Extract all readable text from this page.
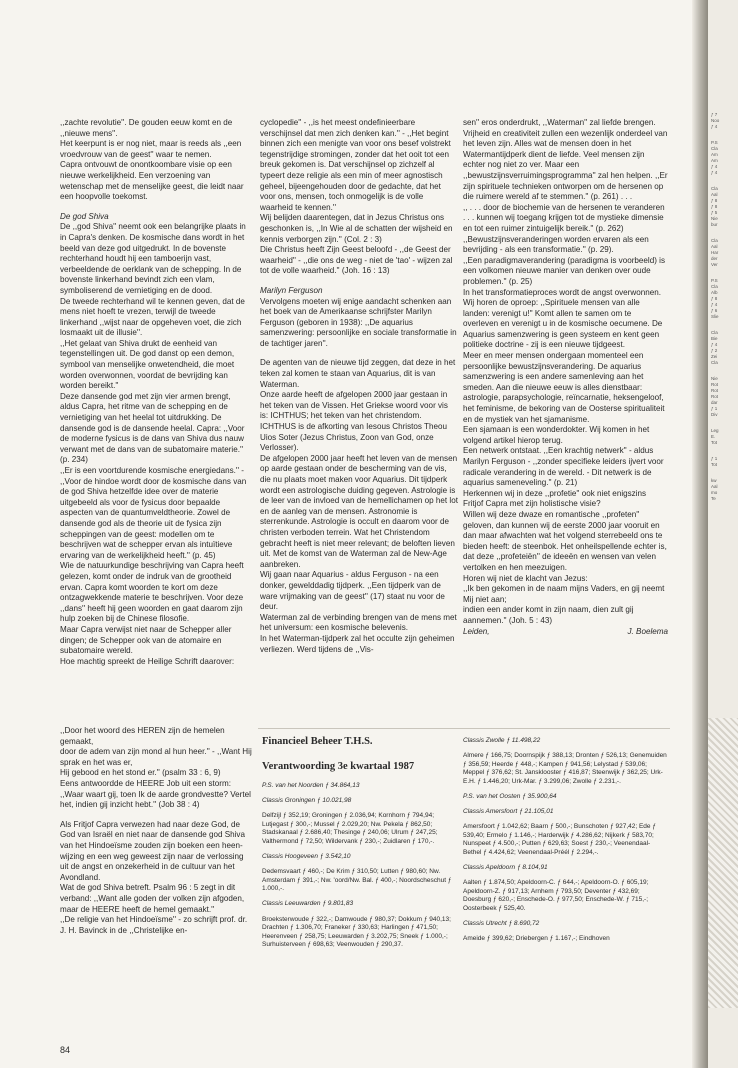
,,zachte revolutie''. De gouden eeuw komt en de ,,nieuwe mens''.

Het keerpunt is er nog niet, maar is reeds als ,,een vroedvrouw van de geest'' waar te nemen.

Capra ontvouwt de onontkoombare visie op een nieuwe werkelijkheid. Een verzoening van wetenschap met de menselijke geest, die leidt naar een hoopvolle toekomst.

De god Shiva

De ,,god Shiva'' neemt ook een belangrijke plaats in in Capra's denken. De kosmische dans wordt in het beeld van deze god uitgedrukt. In de bovenste rechterhand houdt hij een tamboerijn vast, verbeeldende de oerklank van de schepping. In de bovenste linkerhand bevindt zich een vlam, symboliserend de vernietiging en de dood.

De tweede rechterhand wil te kennen geven, dat de mens niet hoeft te vrezen, terwijl de tweede linkerhand ,,wijst naar de opgeheven voet, die zich losmaakt uit de illusie''.

,,Het gelaat van Shiva drukt de eenheid van tegenstellingen uit. De god danst op een demon, symbool van menselijke onwetendheid, die moet worden overwonnen, voordat de bevrijding kan worden bereikt.''

Deze dansende god met zijn vier armen brengt, aldus Capra, het ritme van de schepping en de vernietiging van het heelal tot uitdrukking. De dansende god is de dansende heelal. Capra: ,,Voor de moderne fysicus is de dans van Shiva dus nauw verwant met de dans van de subatomaire materie.'' (p. 234)

,,Er is een voortdurende kosmische energiedans.'' - ,,Voor de hindoe wordt door de kosmische dans van de god Shiva hetzelfde idee over de materie uitgebeeld als voor de fysicus door bepaalde aspecten van de quantumveldtheorie. Zowel de dansende god als de theorie uit de fysica zijn scheppingen van de geest: modellen om te beschrijven wat de schepper ervan als intuïtieve ervaring van de werkelijkheid heeft.'' (p. 45)

Wie de natuurkundige beschrijving van Capra heeft gelezen, komt onder de indruk van de grootheid ervan. Capra komt woorden te kort om deze ontzagwekkende materie te beschrijven. Voor deze ,,dans'' heeft hij geen woorden en gaat daarom zijn hulp zoeken bij de Chinese filosofie.

Maar Capra verwijst niet naar de Schepper aller dingen; de Schepper ook van de atomaire en subatomaire wereld.

Hoe machtig spreekt de Heilige Schrift daarover:

cyclopedie'' - ,,is het meest ondefinieerbare verschijnsel dat men zich denken kan.'' - ,,Het begint binnen zich een menigte van voor ons besef volstrekt tegenstrijdige stromingen, zonder dat het ooit tot een breuk gekomen is. Dat verschijnsel op zichzelf al typeert deze religie als een min of meer agnostisch geheel, bijeengehouden door de gedachte, dat het voor ons, mensen, toch onmogelijk is de volle waarheid te kennen.''

Wij belijden daarentegen, dat in Jezus Christus ons geschonken is, ,,In Wie al de schatten der wijsheid en kennis verborgen zijn.'' (Col. 2 : 3)

Die Christus heeft Zijn Geest beloofd - ,,de Geest der waarheid'' - ,,die ons de weg - niet de 'tao' - wijzen zal tot de volle waarheid.'' (Joh. 16 : 13)

Marilyn Ferguson

Vervolgens moeten wij enige aandacht schenken aan het boek van de Amerikaanse schrijfster Marilyn Ferguson (geboren in 1938): ,,De aquarius samenzwering: persoonlijke en sociale transformatie in de tachtiger jaren''.

De agenten van de nieuwe tijd zeggen, dat deze in het teken zal komen te staan van Aquarius, dit is van Waterman.

Onze aarde heeft de afgelopen 2000 jaar gestaan in het teken van de Vissen. Het Griekse woord voor vis is: ICHTHUS; het teken van het christendom. ICHTHUS is de afkorting van Iesous Christos Theou Uios Soter (Jezus Christus, Zoon van God, onze Verlosser).

De afgelopen 2000 jaar heeft het leven van de mensen op aarde gestaan onder de bescherming van de vis, die nu plaats moet maken voor Aquarius. Dit tijdperk wordt een astrologische duiding gegeven. Astrologie is de leer van de invloed van de hemellichamen op het lot en de aanleg van de mensen. Astronomie is sterrenkunde. Astrologie is occult en daarom voor de christen verboden terrein. Wat het Christendom gebracht heeft is niet meer relevant; de beloften lieven uit. Met de komst van de Waterman zal de New-Age aanbreken.

Wij gaan naar Aquarius - aldus Ferguson - na een donker, gewelddadig tijdperk. ,,Een tijdperk van de ware vrijmaking van de geest'' (17) staat nu voor de deur.

Waterman zal de verbinding brengen van de mens met het universum: een kosmische belevenis.

In het Waterman-tijdperk zal het occulte zijn geheimen verliezen. Werd tijdens de ,,Vis-

sen'' eros onderdrukt, ,,Waterman'' zal liefde brengen. Vrijheid en creativiteit zullen een wezenlijk onderdeel van het leven zijn. Alles wat de mensen doen in het Watermantijdperk dient de liefde. Veel mensen zijn echter nog niet zo ver. Maar een ,,bewustzijnsverruimingsprogramma'' zal hen helpen. ,,Er zijn spirituele technieken ontworpen om de hersenen op die ruimere wereld af te stemmen.'' (p. 261) . . .

,, . . . door de biochemie van de hersenen te veranderen . . . kunnen wij toegang krijgen tot de mystieke dimensie en tot een ruimer zintuigelijk bereik.'' (p. 262) ,,Bewustzijnsveranderingen worden ervaren als een bevrijding - als een transformatie.'' (p. 29).

,,Een paradigmaverandering (paradigma is voorbeeld) is een volkomen nieuwe manier van denken over oude problemen.'' (p. 25)

In het transformatieproces wordt de angst overwonnen. Wij horen de oproep: ,,Spirituele mensen van alle landen: verenigt u!'' Komt allen te samen om te overleven en verenigt u in de kosmische oecumene. De Aquarius samenzwering is geen systeem en kent geen politieke doctrine - zij is een nieuwe tijdgeest.

Meer en meer mensen ondergaan momenteel een persoonlijke bewustzijnsverandering. De aquarius samenzwering is een andere samenleving aan het smeden. Aan die nieuwe eeuw is alles dienstbaar: astrologie, parapsychologie, reïncarnatie, heksengeloof, het feminisme, de bekoring van de Oosterse spiritualiteit en de mystiek van het sjamanisme.

Een sjamaan is een wonderdokter. Wij komen in het volgend artikel hierop terug.

Een netwerk ontstaat. ,,Een krachtig netwerk'' - aldus Marilyn Ferguson - ,,zonder specifieke leiders ijvert voor radicale verandering in de wereld. - Dit netwerk is de aquarius sameneveling.'' (p. 21)

Herkennen wij in deze ,,profetie'' ook niet enigszins Fritjof Capra met zijn holistische visie?

Willen wij deze dwaze en romantische ,,profeten'' geloven, dan kunnen wij de eerste 2000 jaar vooruit en dan maar afwachten wat het volgend sterrebeeld ons te bieden heeft: de steenbok. Het onheilspellende echter is, dat deze ,,profeteiën'' de ideeën en wensen van velen vertolken en hen meezuigen.

Horen wij niet de klacht van Jezus:

,,Ik ben gekomen in de naam mijns Vaders, en gij neemt Mij niet aan;

indien een ander komt in zijn naam, dien zult gij aannemen.'' (Joh. 5 : 43)

Leiden,	J. Boelema

,,Door het woord des HEREN zijn de hemelen gemaakt,

door de adem van zijn mond al hun heer.'' - ,,Want Hij sprak en het was er,

Hij gebood en het stond er.'' (psalm 33 : 6, 9)

Eens antwoordde de HEERE Job uit een storm:

,,Waar waart gij, toen Ik de aarde grondvestte? Vertel het, indien gij inzicht hebt.'' (Job 38 : 4)

Als Fritjof Capra verwezen had naar deze God, de God van Israël en niet naar de dansende god Shiva van het Hindoeïsme zouden zijn boeken een heen-wijzing en een weg geweest zijn naar de verlossing uit de angst en onzekerheid in de cultuur van het Avondland.

Wat de god Shiva betreft. Psalm 96 : 5 zegt in dit verband: ,,Want alle goden der volken zijn afgoden, maar de HEERE heeft de hemel gemaakt.''

,,De religie van het Hindoeïsme'' - zo schrijft prof. dr. J. H. Bavinck in de ,,Christelijke en-

Financieel Beheer T.H.S.

Verantwoording 3e kwartaal 1987

P.S. van het Noorden ƒ 34.864,13

Classis Groningen ƒ 10.021,98

Delfzijl ƒ 352,19; Groningen ƒ 2.036,94; Kornhorn ƒ 794,94; Lutjegast ƒ 300,-; Mussel ƒ 2.029,20; Nw. Pekela ƒ 862,50; Stadskanaal ƒ 2.686,40; Thesinge ƒ 240,06; Ulrum ƒ 247,25; Valthermond ƒ 72,50; Wildervank ƒ 230,-; Zuidlaren ƒ 170,-.

Classis Hoogeveen ƒ 3.542,10

Dedemsvaart ƒ 460,-; De Krim ƒ 310,50; Lutten ƒ 980,60; Nw. Amsterdam ƒ 391,-; Nw. 'oord/Nw. Bal. ƒ 400,-; Noordscheschut ƒ 1.000,-.

Classis Leeuwarden ƒ 9.801,83

Broeksterwoude ƒ 322,-; Damwoude ƒ 980,37; Dokkum ƒ 940,13; Drachten ƒ 1.306,70; Franeker ƒ 330,63; Harlingen ƒ 471,50; Heerenveen ƒ 258,75; Leeuwarden ƒ 3.202,75; Sneek ƒ 1.000,-; Surhuisterveen ƒ 698,63; Veenwouden ƒ 290,37.

Classis Zwolle ƒ 11.498,22

Almere ƒ 166,75; Doornspijk ƒ 388,13; Dronten ƒ 526,13; Genemuiden ƒ 356,59; Heerde ƒ 448,-; Kampen ƒ 941,56; Lelystad ƒ 539,06; Meppel ƒ 376,62; St. Jansklooster ƒ 416,87; Steenwijk ƒ 362,25; Urk-E.H. ƒ 1.446,20; Urk-Mar. ƒ 3.299,06; Zwolle ƒ 2.231,-.

P.S. van het Oosten ƒ 35.900,64

Classis Amersfoort ƒ 21.105,01

Amersfoort ƒ 1.042,62; Baarn ƒ 500,-; Bunschoten ƒ 927,42; Ede ƒ 539,40; Ermelo ƒ 1.146,-; Harderwijk ƒ 4.286,62; Nijkerk ƒ 583,70; Nunspeet ƒ 4.500,-; Putten ƒ 629,63; Soest ƒ 230,-; Veenendaal-Bethel ƒ 4.424,62; Veenendaal-Préél ƒ 2.294,-.

Classis Apeldoorn ƒ 8.104,91

Aalten ƒ 1.874,50; Apeldoorn-C. ƒ 644,-; Apeldoorn-O. ƒ 605,19; Apeldoorn-Z. ƒ 917,13; Arnhem ƒ 793,50; Deventer ƒ 432,69; Doesburg ƒ 620,-; Enschede-O. ƒ 977,50; Enschede-W. ƒ 715,-; Oosterbeek ƒ 525,40.

Classis Utrecht ƒ 8.690,72

Ameide ƒ 399,62; Driebergen ƒ 1.167,-; Eindhoven

84

ƒ 7

Noo

ƒ 4

P.S

Cla

Am

Am

ƒ 4

ƒ 4

Cla

Aal

ƒ 8

ƒ 8

ƒ 5

Nie

bur

Cla

Aal

Har

der

Ver

P.S

Cla

Alb

ƒ 8

ƒ 4

ƒ 6

Slie

Cla

Bie

ƒ 4

ƒ 2

Zei

Cla

Nie

Rot

Rot

Rot

dar

ƒ 1

Div

Leg

E.

Tot

ƒ 1

Tot

kw

Aal

mo

Te
